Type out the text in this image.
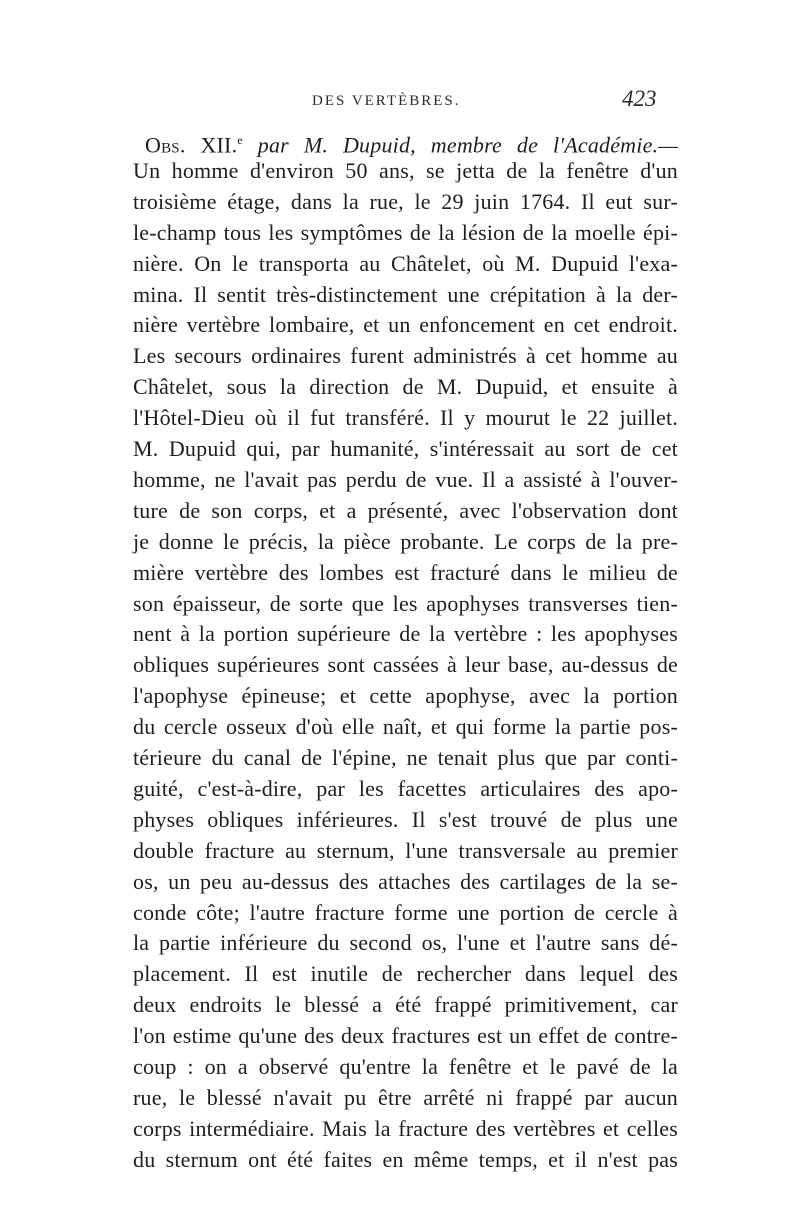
DES VERTÈBRES.	423
Obs. XII.$^e$ par M. Dupuid, membre de l'Académie.—
Un homme d'environ 50 ans, se jetta de la fenêtre d'un
troisième étage, dans la rue, le 29 juin 1764. Il eut sur-
le-champ tous les symptômes de la lésion de la moelle épi-
nière. On le transporta au Châtelet, où M. Dupuid l'exa-
mina. Il sentit très-distinctement une crépitation à la der-
nière vertèbre lombaire, et un enfoncement en cet endroit.
Les secours ordinaires furent administrés à cet homme au
Châtelet, sous la direction de M. Dupuid, et ensuite à
l'Hôtel-Dieu où il fut transféré. Il y mourut le 22 juillet.
M. Dupuid qui, par humanité, s'intéressait au sort de cet
homme, ne l'avait pas perdu de vue. Il a assisté à l'ouver-
ture de son corps, et a présenté, avec l'observation dont
je donne le précis, la pièce probante. Le corps de la pre-
mière vertèbre des lombes est fracturé dans le milieu de
son épaisseur, de sorte que les apophyses transverses tien-
nent à la portion supérieure de la vertèbre : les apophyses
obliques supérieures sont cassées à leur base, au-dessus de
l'apophyse épineuse; et cette apophyse, avec la portion
du cercle osseux d'où elle naît, et qui forme la partie pos-
térieure du canal de l'épine, ne tenait plus que par conti-
guité, c'est-à-dire, par les facettes articulaires des apo-
physes obliques inférieures. Il s'est trouvé de plus une
double fracture au sternum, l'une transversale au premier
os, un peu au-dessus des attaches des cartilages de la se-
conde côte; l'autre fracture forme une portion de cercle à
la partie inférieure du second os, l'une et l'autre sans dé-
placement. Il est inutile de rechercher dans lequel des
deux endroits le blessé a été frappé primitivement, car
l'on estime qu'une des deux fractures est un effet de contre-
coup : on a observé qu'entre la fenêtre et le pavé de la
rue, le blessé n'avait pu être arrêté ni frappé par aucun
corps intermédiaire. Mais la fracture des vertèbres et celles
du sternum ont été faites en même temps, et il n'est pas
